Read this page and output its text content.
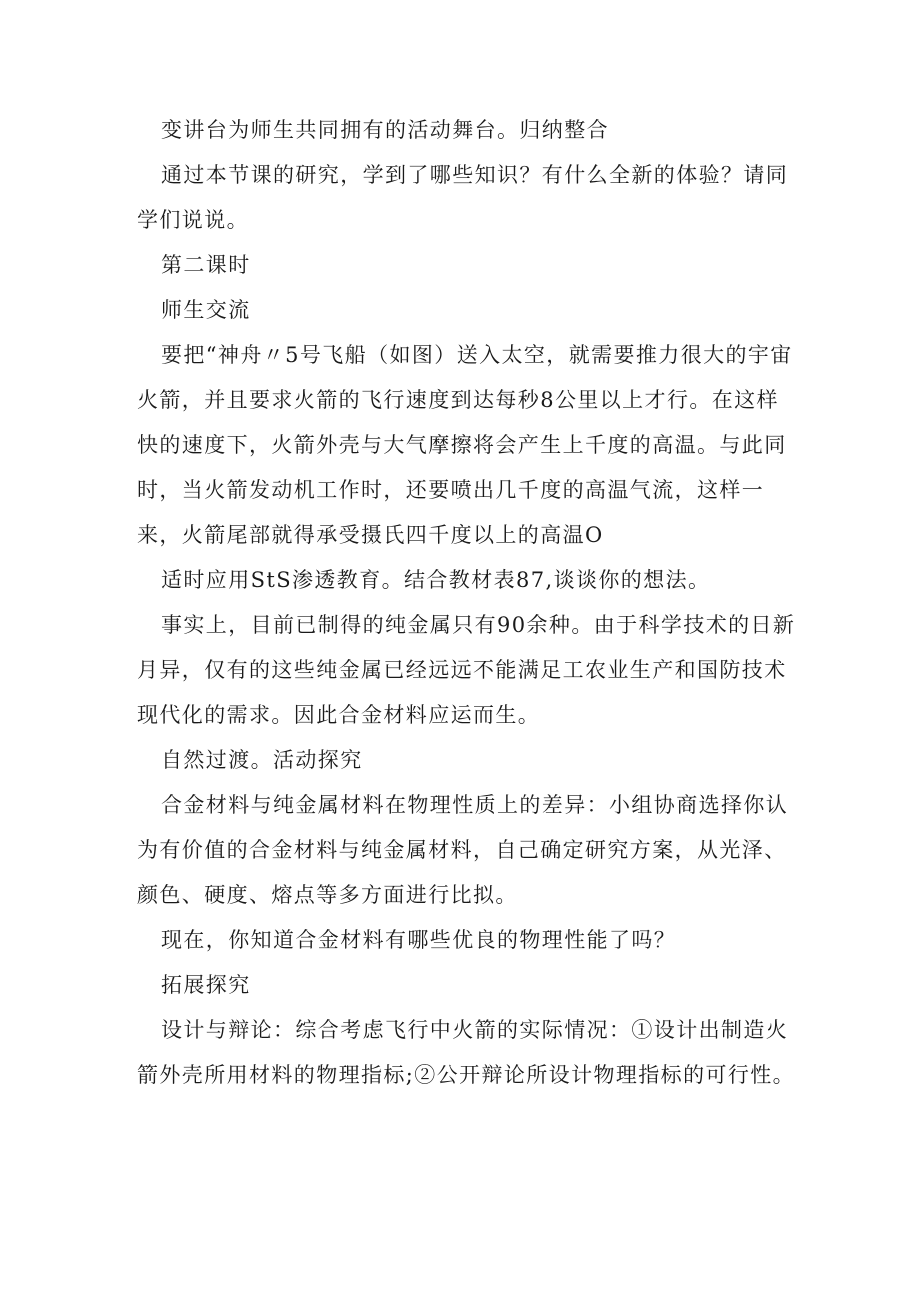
变讲台为师生共同拥有的活动舞台。归纳整合

通过本节课的研究，学到了哪些知识？有什么全新的体验？请同学们说说。

第二课时

师生交流

要把“神舟〃5号飞船（如图）送入太空，就需要推力很大的宇宙火箭，并且要求火箭的飞行速度到达每秒8公里以上才行。在这样快的速度下，火箭外壳与大气摩擦将会产生上千度的高温。与此同时，当火箭发动机工作时，还要喷出几千度的高温气流，这样一来，火箭尾部就得承受摄氏四千度以上的高温O

适时应用StS渗透教育。结合教材表87,谈谈你的想法。

事实上，目前已制得的纯金属只有90余种。由于科学技术的日新月异，仅有的这些纯金属已经远远不能满足工农业生产和国防技术现代化的需求。因此合金材料应运而生。

自然过渡。活动探究

合金材料与纯金属材料在物理性质上的差异：小组协商选择你认为有价值的合金材料与纯金属材料，自己确定研究方案，从光泽、颜色、硬度、熔点等多方面进行比拟。

现在，你知道合金材料有哪些优良的物理性能了吗？

拓展探究

设计与辩论：综合考虑飞行中火箭的实际情况：①设计出制造火箭外壳所用材料的物理指标;②公开辩论所设计物理指标的可行性。
